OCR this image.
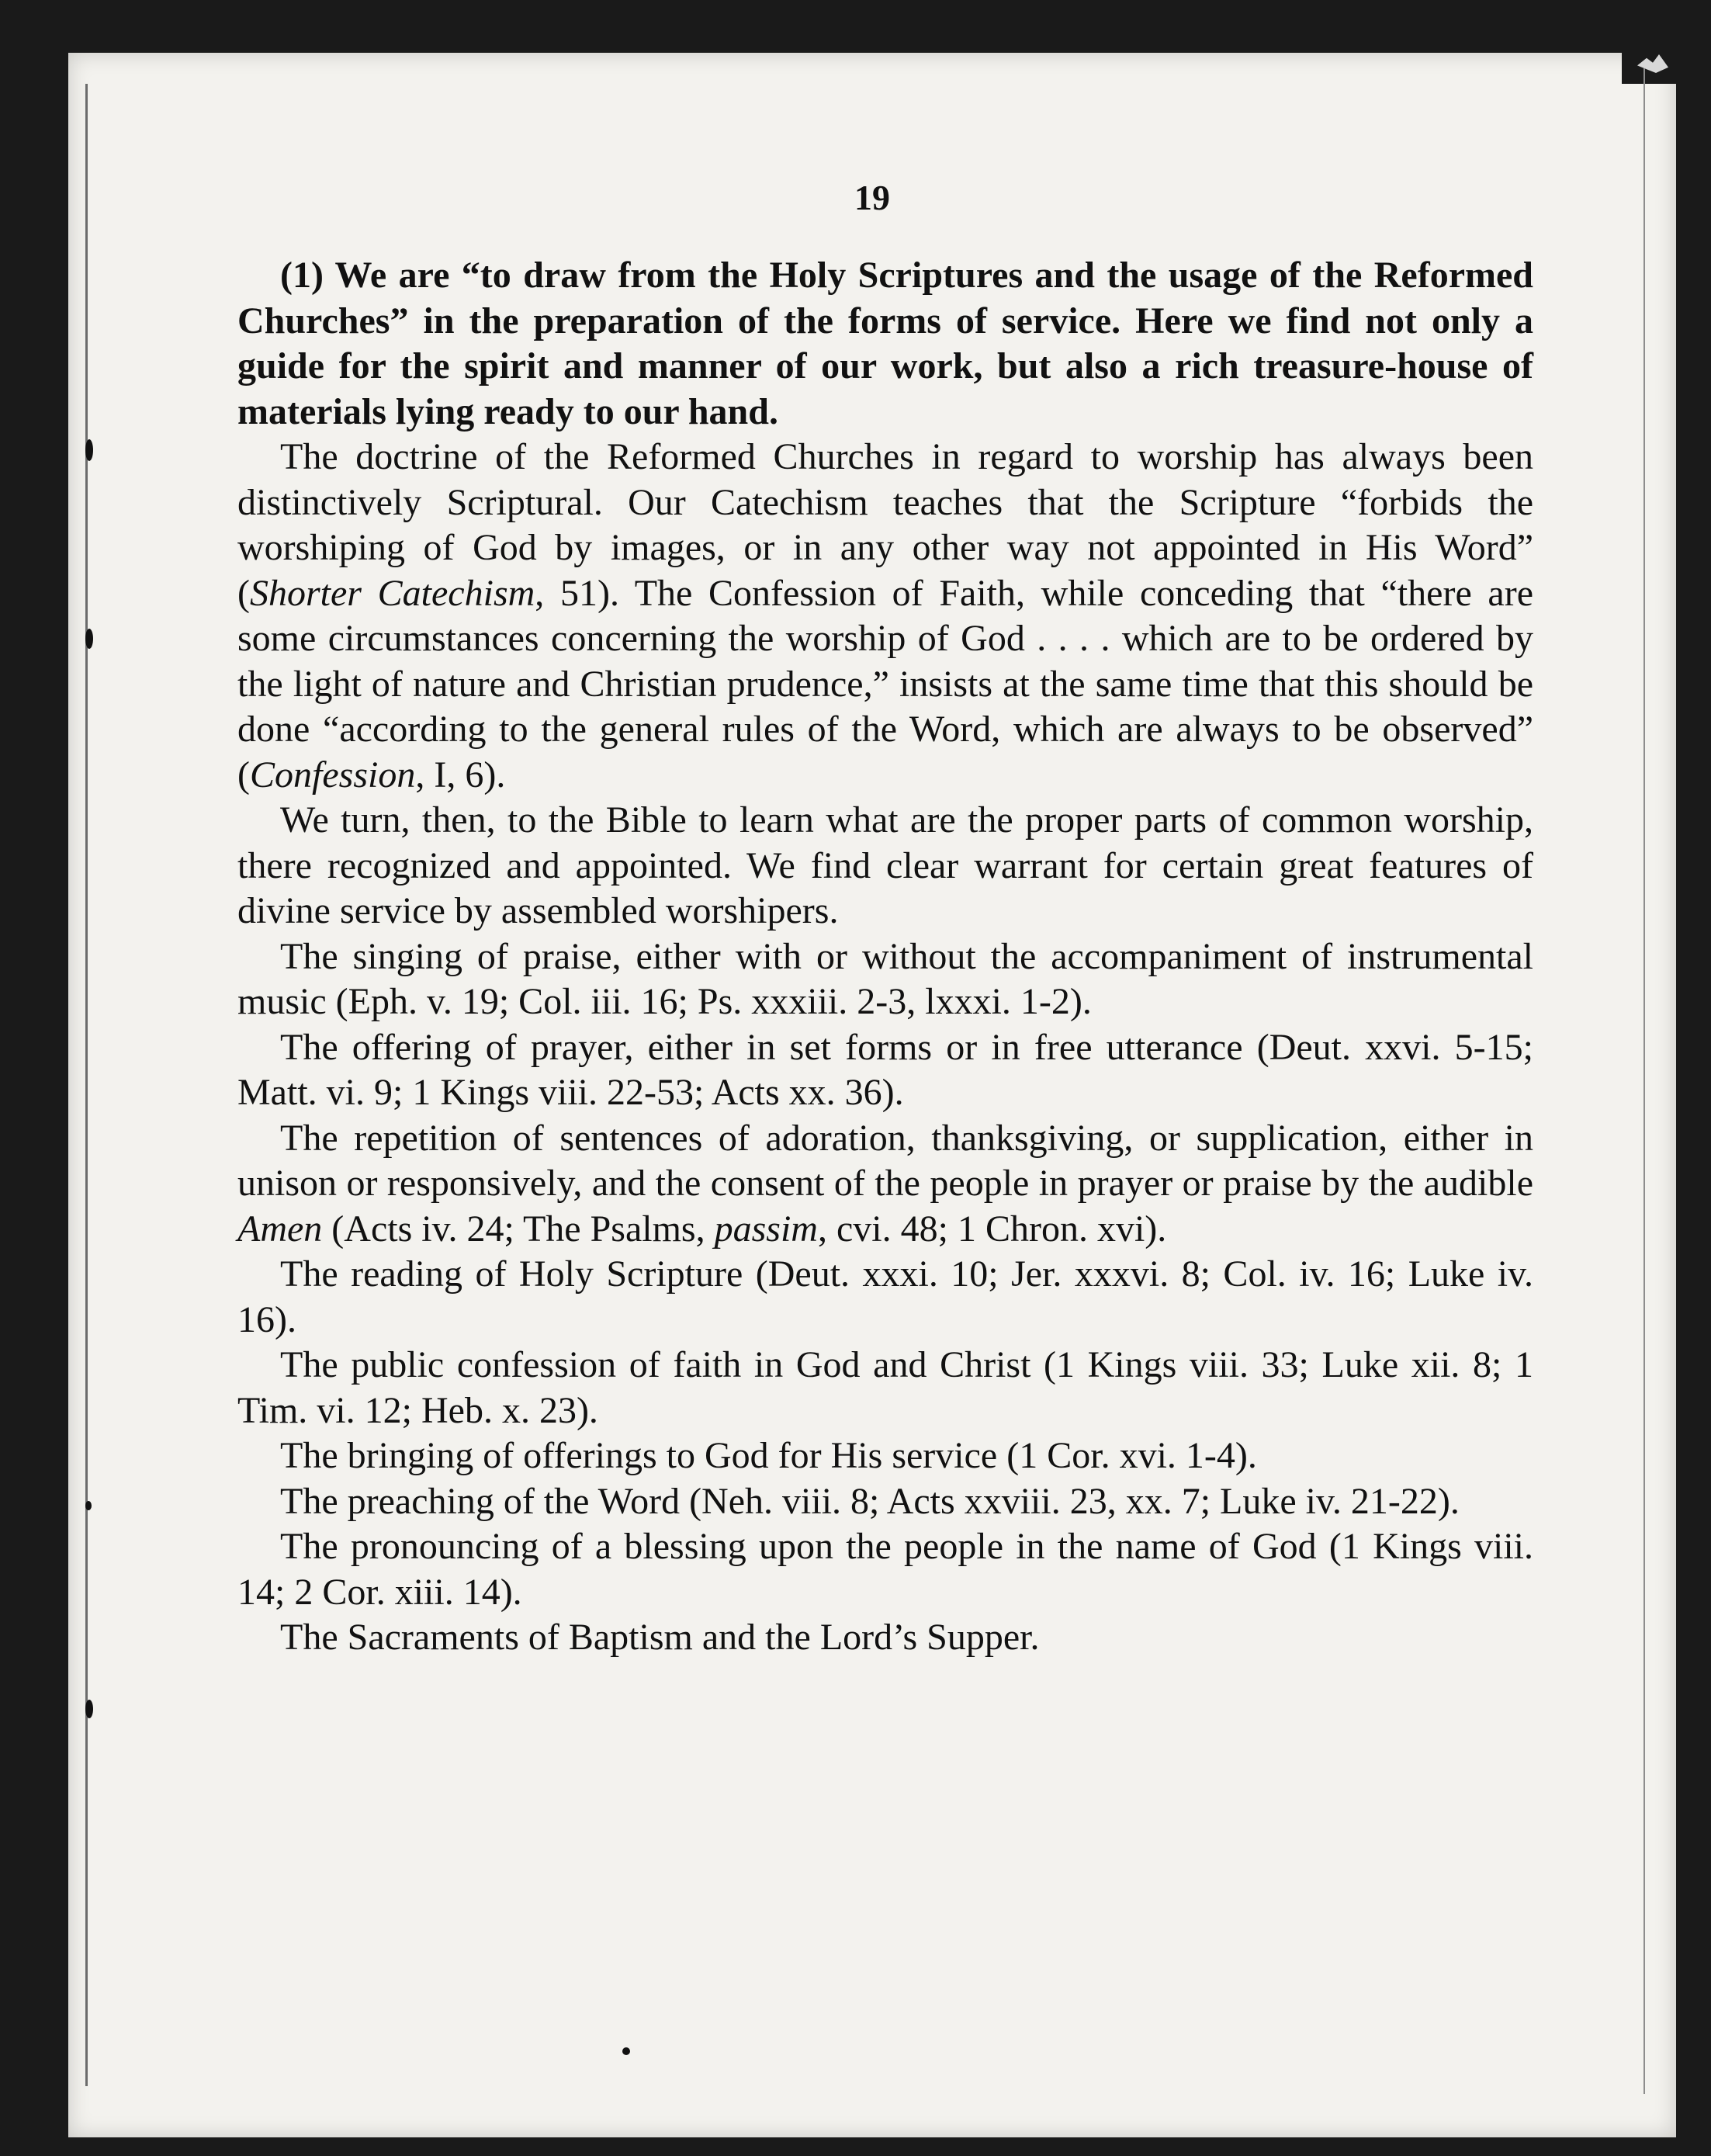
19

(1) We are “to draw from the Holy Scriptures and the usage of the Reformed Churches” in the preparation of the forms of service. Here we find not only a guide for the spirit and manner of our work, but also a rich treasure-house of materials lying ready to our hand.

The doctrine of the Reformed Churches in regard to worship has always been distinctively Scriptural. Our Catechism teaches that the Scripture “forbids the worshiping of God by images, or in any other way not appointed in His Word” (Shorter Catechism, 51). The Confession of Faith, while conceding that “there are some circumstances concerning the worship of God . . . . which are to be ordered by the light of nature and Christian prudence,” insists at the same time that this should be done “according to the general rules of the Word, which are always to be observed” (Confession, I, 6).

We turn, then, to the Bible to learn what are the proper parts of common worship, there recognized and appointed. We find clear warrant for certain great features of divine service by assembled worshipers.

The singing of praise, either with or without the accompaniment of instrumental music (Eph. v. 19; Col. iii. 16; Ps. xxxiii. 2-3, lxxxi. 1-2).

The offering of prayer, either in set forms or in free utterance (Deut. xxvi. 5-15; Matt. vi. 9; 1 Kings viii. 22-53; Acts xx. 36).

The repetition of sentences of adoration, thanksgiving, or supplication, either in unison or responsively, and the consent of the people in prayer or praise by the audible Amen (Acts iv. 24; The Psalms, passim, cvi. 48; 1 Chron. xvi).

The reading of Holy Scripture (Deut. xxxi. 10; Jer. xxxvi. 8; Col. iv. 16; Luke iv. 16).

The public confession of faith in God and Christ (1 Kings viii. 33; Luke xii. 8; 1 Tim. vi. 12; Heb. x. 23).

The bringing of offerings to God for His service (1 Cor. xvi. 1-4).

The preaching of the Word (Neh. viii. 8; Acts xxviii. 23, xx. 7; Luke iv. 21-22).

The pronouncing of a blessing upon the people in the name of God (1 Kings viii. 14; 2 Cor. xiii. 14).

The Sacraments of Baptism and the Lord’s Supper.
